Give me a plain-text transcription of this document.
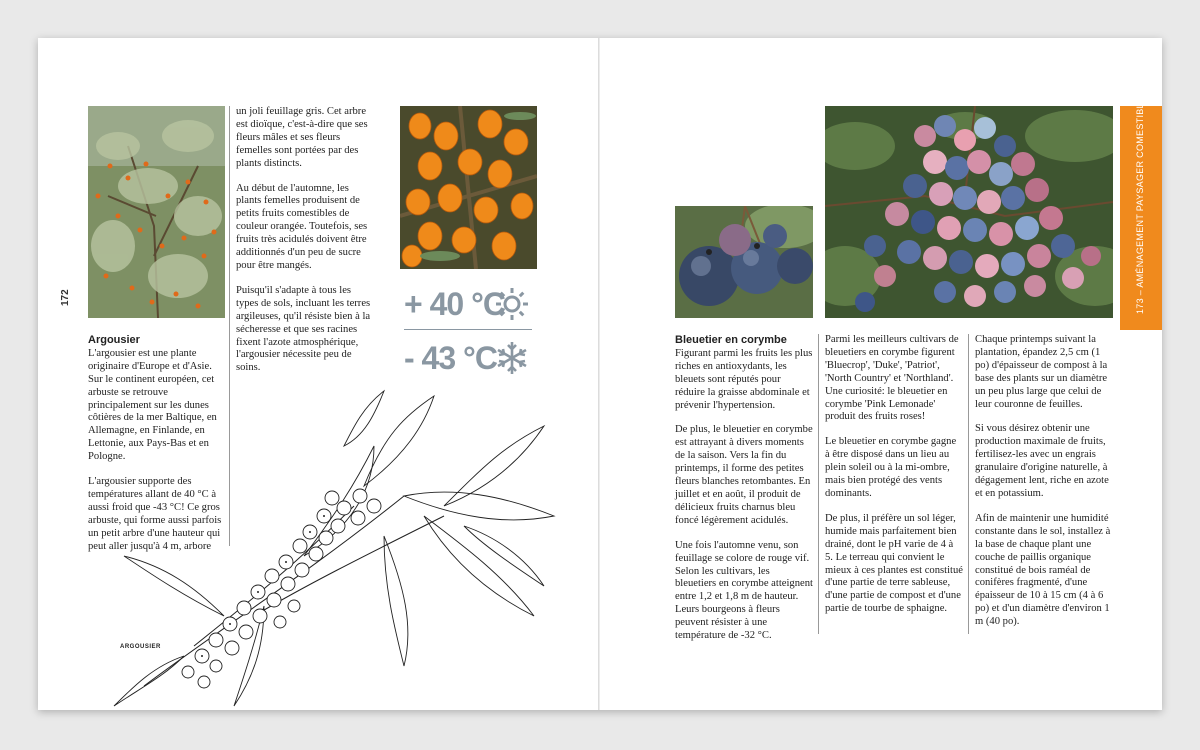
172
Argousier

L'argousier est une plante originaire d'Europe et d'Asie. Sur le continent européen, cet arbuste se retrouve principalement sur les dunes côtières de la mer Baltique, en Allemagne, en Finlande, en Lettonie, aux Pays-Bas et en Pologne.

L'argousier supporte des températures allant de 40 °C à aussi froid que -43 °C! Ce gros arbuste, qui forme aussi parfois un petit arbre d'une hauteur qui peut aller jusqu'à 4 m, arbore

un joli feuillage gris. Cet arbre est dioïque, c'est-à-dire que ses fleurs mâles et ses fleurs femelles sont portées par des plants distincts.

Au début de l'automne, les plants femelles produisent de petits fruits comestibles de couleur orangée. Toutefois, ses fruits très acidulés doivent être additionnés d'un peu de sucre pour être mangés.

Puisqu'il s'adapte à tous les types de sols, incluant les terres argileuses, qu'il résiste bien à la sécheresse et que ses racines fixent l'azote atmosphérique, l'argousier nécessite peu de soins.

+ 40 °C
- 43 °C
ARGOUSIER
173 – AMÉNAGEMENT PAYSAGER COMESTIBLE
Bleuetier en corymbe

Figurant parmi les fruits les plus riches en antioxydants, les bleuets sont réputés pour réduire la graisse abdominale et prévenir l'hypertension.

De plus, le bleuetier en corymbe est attrayant à divers moments de la saison. Vers la fin du printemps, il forme des petites fleurs blanches retombantes. En juillet et en août, il produit de délicieux fruits charnus bleu foncé légèrement acidulés.

Une fois l'automne venu, son feuillage se colore de rouge vif. Selon les cultivars, les bleuetiers en corymbe atteignent entre 1,2 et 1,8 m de hauteur. Leurs bourgeons à fleurs peuvent résister à une température de -32 °C.

Parmi les meilleurs cultivars de bleuetiers en corymbe figurent 'Bluecrop', 'Duke', 'Patriot', 'North Country' et 'Northland'. Une curiosité: le bleuetier en corymbe 'Pink Lemonade' produit des fruits roses!

Le bleuetier en corymbe gagne à être disposé dans un lieu au plein soleil ou à la mi-ombre, mais bien protégé des vents dominants.

De plus, il préfère un sol léger, humide mais parfaitement bien drainé, dont le pH varie de 4 à 5. Le terreau qui convient le mieux à ces plantes est constitué d'une partie de terre sableuse, d'une partie de compost et d'une partie de tourbe de sphaigne.

Chaque printemps suivant la plantation, épandez 2,5 cm (1 po) d'épaisseur de compost à la base des plants sur un diamètre un peu plus large que celui de leur couronne de feuilles.

Si vous désirez obtenir une production maximale de fruits, fertilisez-les avec un engrais granulaire d'origine naturelle, à dégagement lent, riche en azote et en potassium.

Afin de maintenir une humidité constante dans le sol, installez à la base de chaque plant une couche de paillis organique constitué de bois raméal de conifères fragmenté, d'une épaisseur de 10 à 15 cm (4 à 6 po) et d'un diamètre d'environ 1 m (40 po).
